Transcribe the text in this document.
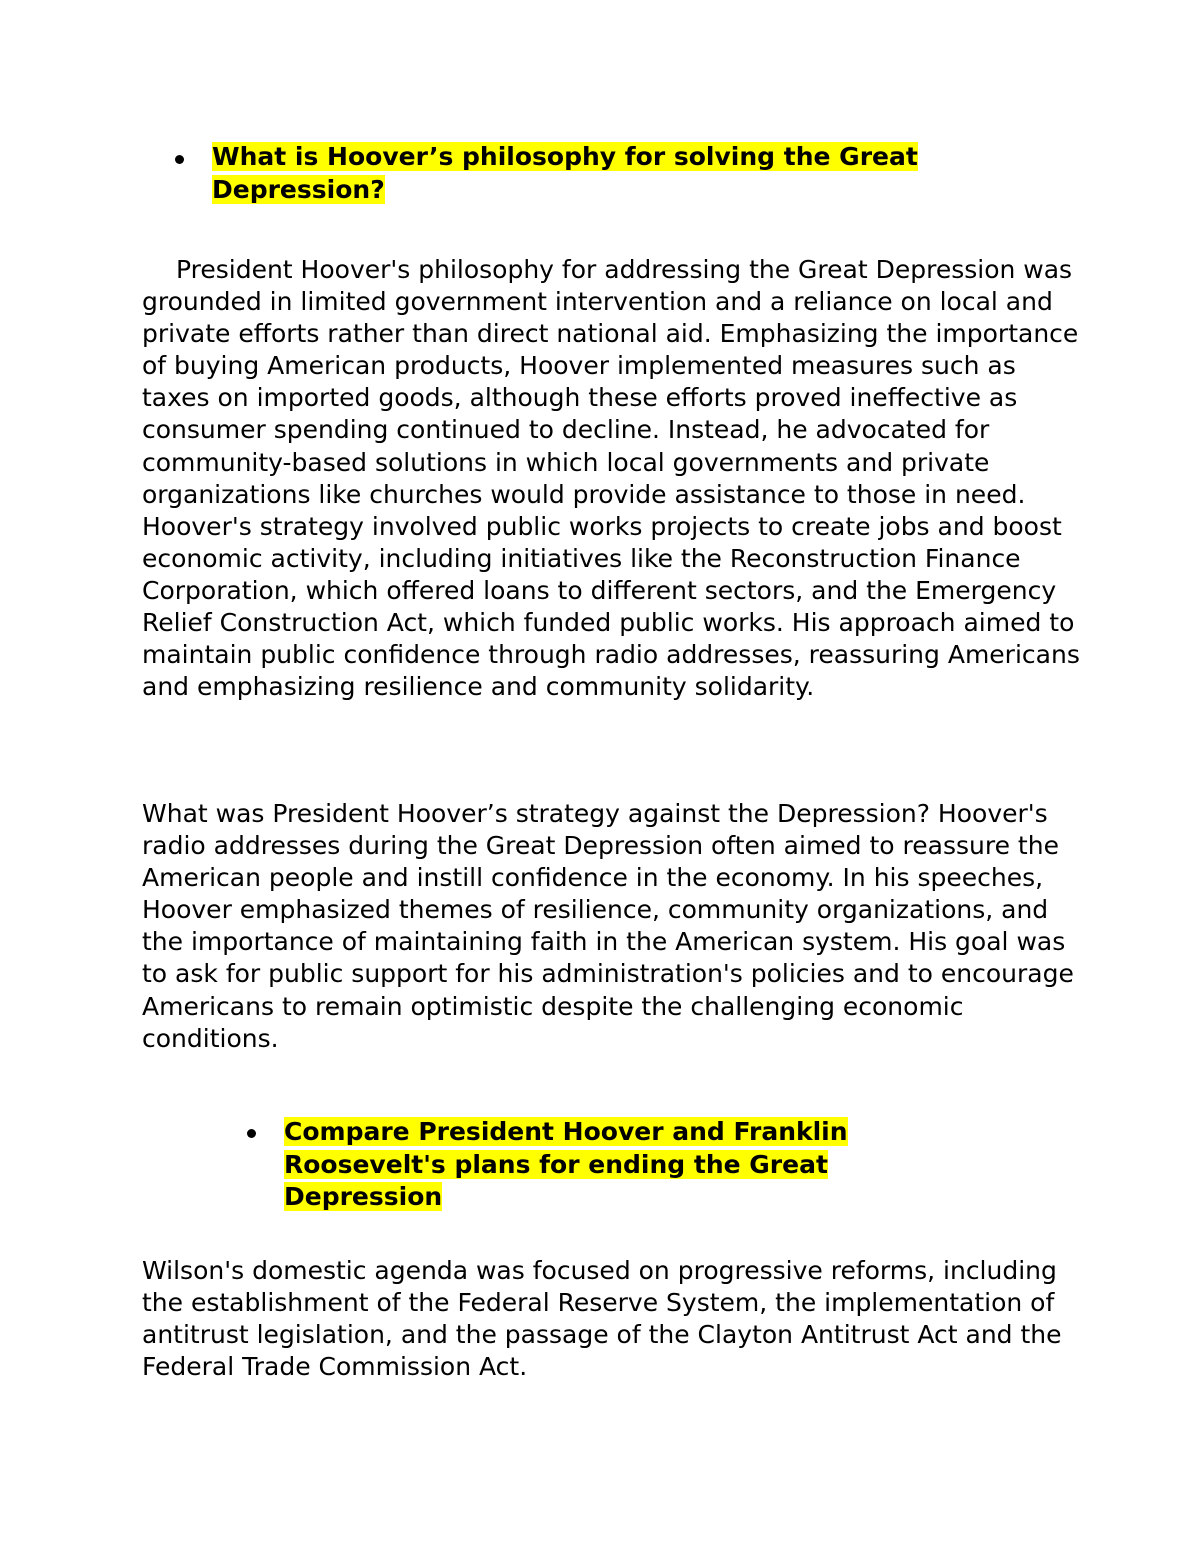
What is Hoover’s philosophy for solving the Great Depression?

President Hoover's philosophy for addressing the Great Depression was grounded in limited government intervention and a reliance on local and private efforts rather than direct national aid. Emphasizing the importance of buying American products, Hoover implemented measures such as taxes on imported goods, although these efforts proved ineffective as consumer spending continued to decline. Instead, he advocated for community-based solutions in which local governments and private organizations like churches would provide assistance to those in need. Hoover's strategy involved public works projects to create jobs and boost economic activity, including initiatives like the Reconstruction Finance Corporation, which offered loans to different sectors, and the Emergency Relief Construction Act, which funded public works. His approach aimed to maintain public confidence through radio addresses, reassuring Americans and emphasizing resilience and community solidarity.

What was President Hoover’s strategy against the Depression? Hoover's radio addresses during the Great Depression often aimed to reassure the American people and instill confidence in the economy. In his speeches, Hoover emphasized themes of resilience, community organizations, and the importance of maintaining faith in the American system. His goal was to ask for public support for his administration's policies and to encourage Americans to remain optimistic despite the challenging economic conditions.

Compare President Hoover and Franklin Roosevelt's plans for ending the Great Depression

Wilson's domestic agenda was focused on progressive reforms, including the establishment of the Federal Reserve System, the implementation of antitrust legislation, and the passage of the Clayton Antitrust Act and the Federal Trade Commission Act.
